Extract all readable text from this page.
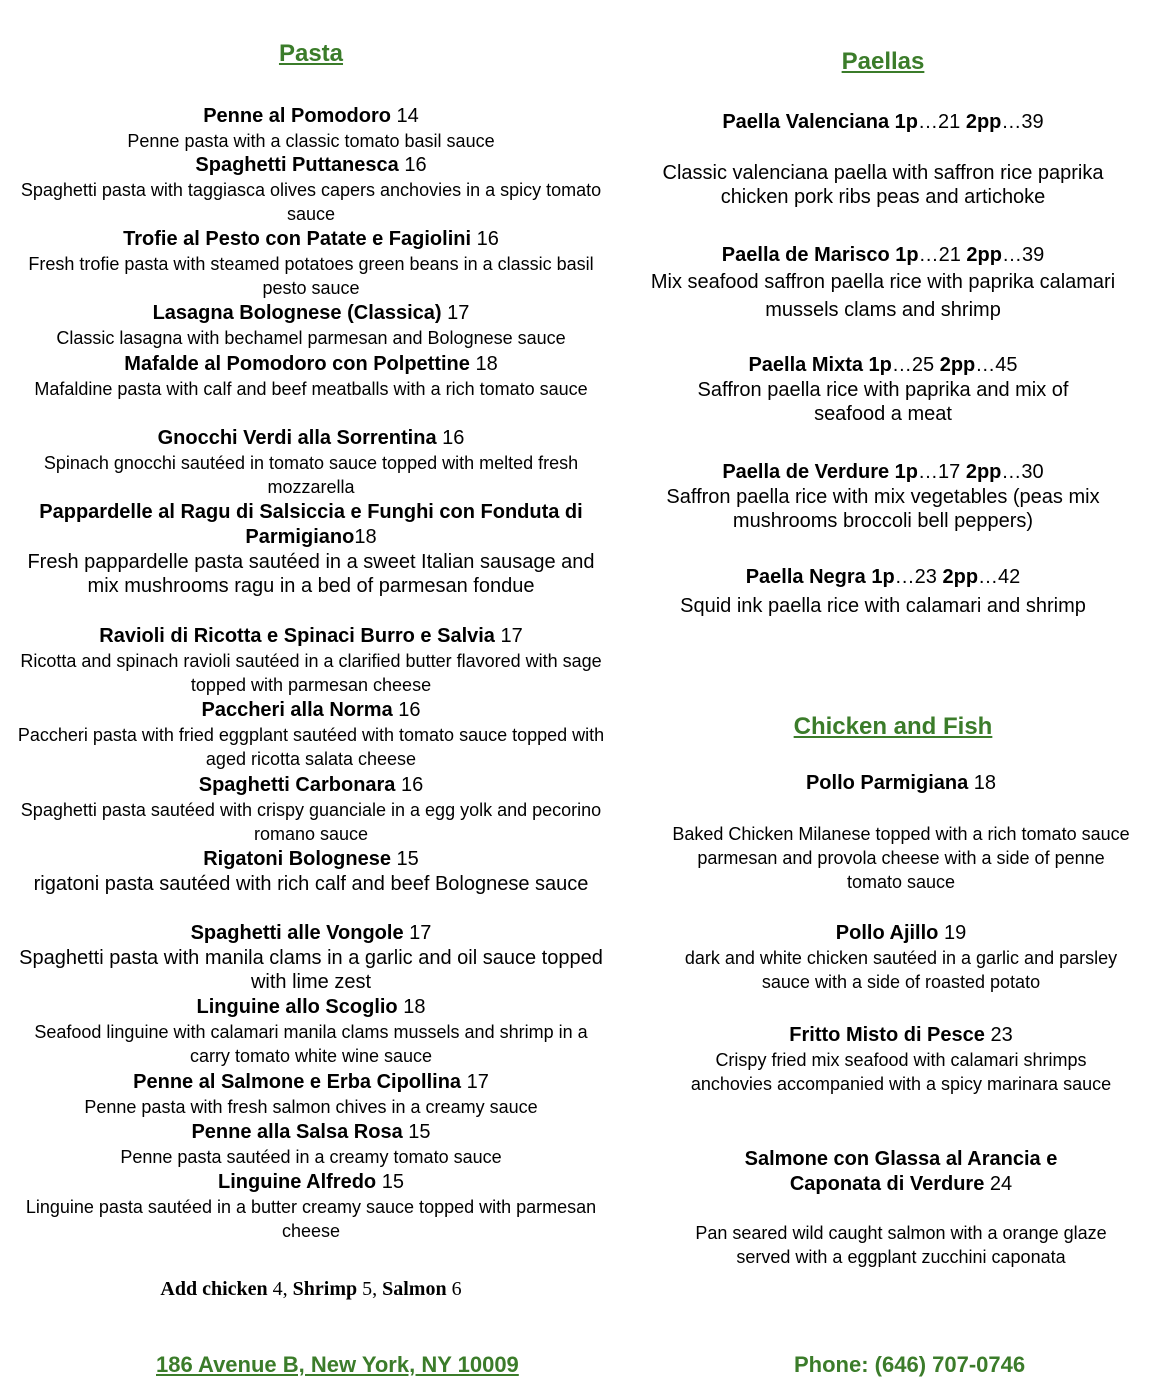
Pasta
Penne al Pomodoro 14
Penne pasta with a classic tomato basil sauce
Spaghetti Puttanesca 16
Spaghetti pasta with taggiasca olives capers anchovies in a spicy tomato sauce
Trofie al Pesto con Patate e Fagiolini 16
Fresh trofie pasta with steamed potatoes green beans in a classic basil pesto sauce
Lasagna Bolognese (Classica) 17
Classic lasagna with bechamel parmesan and Bolognese sauce
Mafalde al Pomodoro con Polpettine 18
Mafaldine pasta with calf and beef meatballs with a rich tomato sauce
Gnocchi Verdi alla Sorrentina 16
Spinach gnocchi sautéed in tomato sauce topped with melted fresh mozzarella
Pappardelle al Ragu di Salsiccia e Funghi con Fonduta di Parmigiano18
Fresh pappardelle pasta sautéed in a sweet Italian sausage and mix mushrooms ragu in a bed of parmesan fondue
Ravioli di Ricotta e Spinaci Burro e Salvia 17
Ricotta and spinach ravioli sautéed in a clarified butter flavored with sage topped with parmesan cheese
Paccheri alla Norma 16
Paccheri pasta with fried eggplant sautéed with tomato sauce topped with aged ricotta salata cheese
Spaghetti Carbonara 16
Spaghetti pasta sautéed with crispy guanciale in a egg yolk and pecorino romano sauce
Rigatoni Bolognese 15
rigatoni pasta sautéed with rich calf and beef Bolognese sauce
Spaghetti alle Vongole 17
Spaghetti pasta with manila clams in a garlic and oil sauce topped with lime zest
Linguine allo Scoglio 18
Seafood linguine with calamari manila clams mussels and shrimp in a carry tomato white wine sauce
Penne al Salmone e Erba Cipollina 17
Penne pasta with fresh salmon chives in a creamy sauce
Penne alla Salsa Rosa 15
Penne pasta sautéed in a creamy tomato sauce
Linguine Alfredo 15
Linguine pasta sautéed in a butter creamy sauce topped with parmesan cheese
Add chicken 4, Shrimp 5, Salmon 6
Paellas
Paella Valenciana 1p…21 2pp…39
Classic valenciana paella with saffron rice paprika chicken pork ribs peas and artichoke
Paella de Marisco 1p…21 2pp…39
Mix seafood saffron paella rice with paprika calamari mussels clams and shrimp
Paella Mixta 1p…25 2pp…45
Saffron paella rice with paprika and mix of seafood a meat
Paella de Verdure 1p…17 2pp…30
Saffron paella rice with mix vegetables (peas mix mushrooms broccoli bell peppers)
Paella Negra 1p…23 2pp…42
Squid ink paella rice with calamari and shrimp
Chicken and Fish
Pollo Parmigiana 18
Baked Chicken Milanese topped with a rich tomato sauce parmesan and provola cheese with a side of penne tomato sauce
Pollo Ajillo 19
dark and white chicken sautéed in a garlic and parsley sauce with a side of roasted potato
Fritto Misto di Pesce 23
Crispy fried mix seafood with calamari shrimps anchovies accompanied with a spicy marinara sauce
Salmone con Glassa al Arancia e Caponata di Verdure 24
Pan seared wild caught salmon with a orange glaze served with a eggplant zucchini caponata
186 Avenue B, New York, NY 10009	Phone: (646) 707-0746
